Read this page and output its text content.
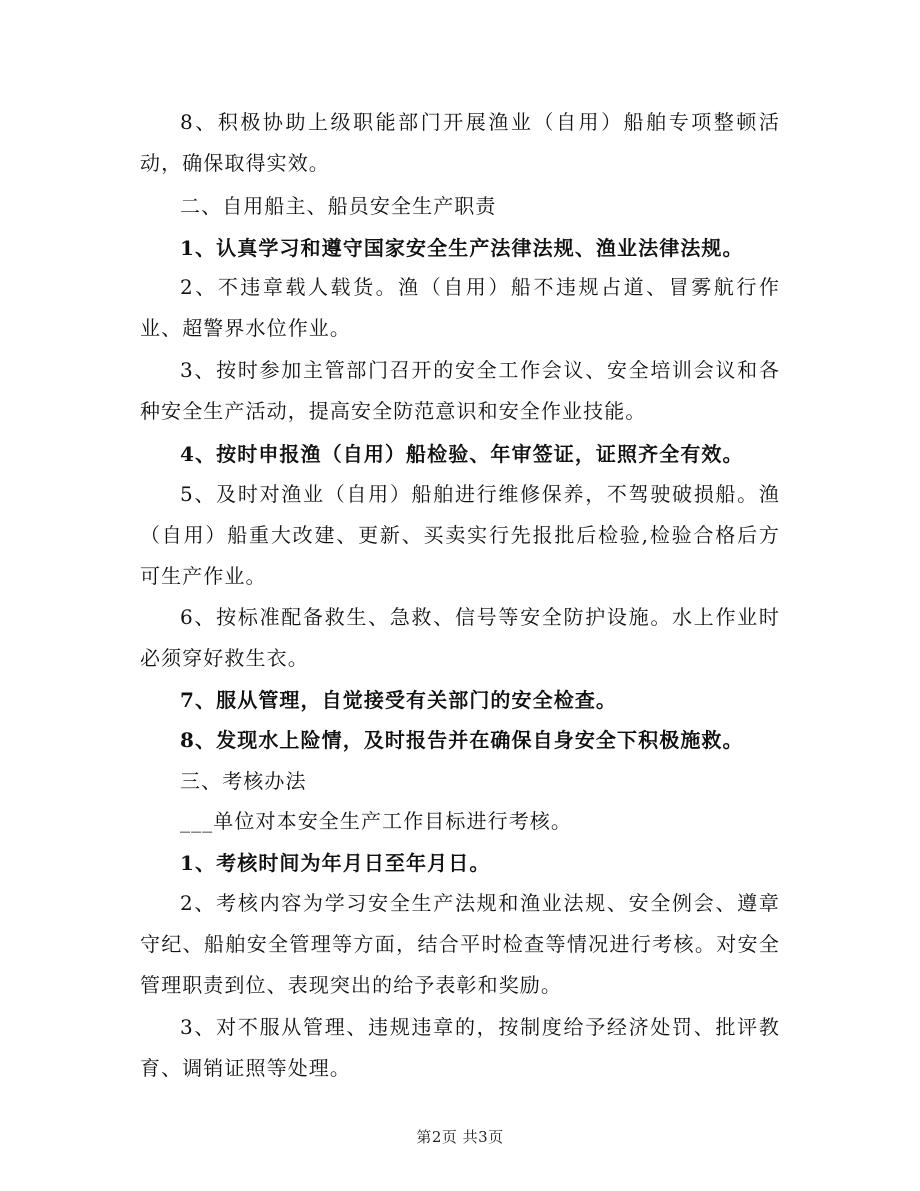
8、积极协助上级职能部门开展渔业（自用）船舶专项整顿活动，确保取得实效。

二、自用船主、船员安全生产职责

1、认真学习和遵守国家安全生产法律法规、渔业法律法规。

2、不违章载人载货。渔（自用）船不违规占道、冒雾航行作业、超警界水位作业。

3、按时参加主管部门召开的安全工作会议、安全培训会议和各种安全生产活动，提高安全防范意识和安全作业技能。

4、按时申报渔（自用）船检验、年审签证，证照齐全有效。

5、及时对渔业（自用）船舶进行维修保养，不驾驶破损船。渔（自用）船重大改建、更新、买卖实行先报批后检验,检验合格后方可生产作业。

6、按标准配备救生、急救、信号等安全防护设施。水上作业时必须穿好救生衣。

7、服从管理，自觉接受有关部门的安全检查。

8、发现水上险情，及时报告并在确保自身安全下积极施救。

三、考核办法

___单位对本安全生产工作目标进行考核。

1、考核时间为年月日至年月日。

2、考核内容为学习安全生产法规和渔业法规、安全例会、遵章守纪、船舶安全管理等方面，结合平时检查等情况进行考核。对安全管理职责到位、表现突出的给予表彰和奖励。

3、对不服从管理、违规违章的，按制度给予经济处罚、批评教育、调销证照等处理。

第2页 共3页
